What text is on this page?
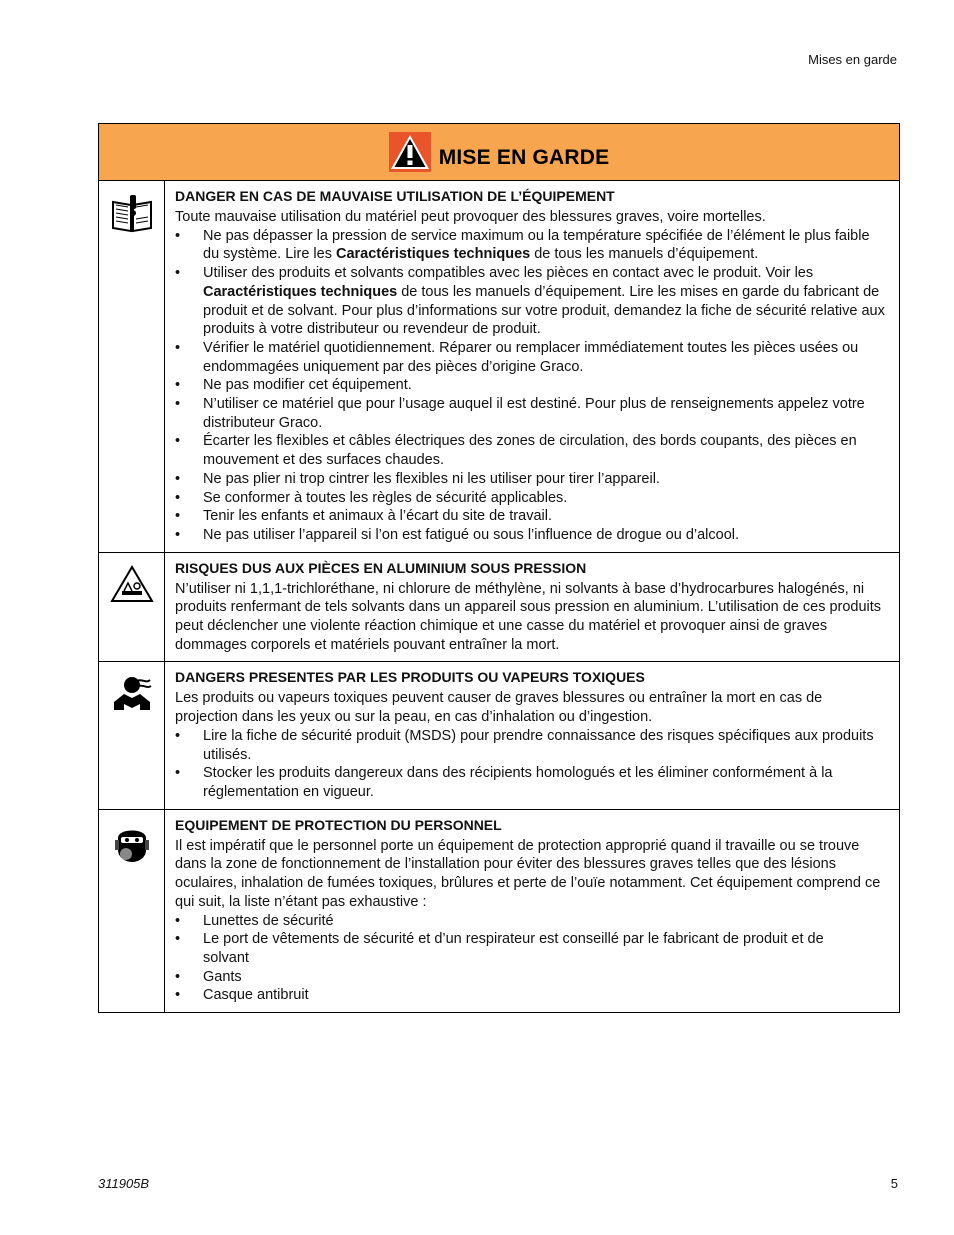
Mises en garde
MISE EN GARDE
DANGER EN CAS DE MAUVAISE UTILISATION DE L’ÉQUIPEMENT
Toute mauvaise utilisation du matériel peut provoquer des blessures graves, voire mortelles.
• Ne pas dépasser la pression de service maximum ou la température spécifiée de l’élément le plus faible du système. Lire les Caractéristiques techniques de tous les manuels d’équipement.
• Utiliser des produits et solvants compatibles avec les pièces en contact avec le produit. Voir les Caractéristiques techniques de tous les manuels d’équipement. Lire les mises en garde du fabricant de produit et de solvant. Pour plus d’informations sur votre produit, demandez la fiche de sécurité relative aux produits à votre distributeur ou revendeur de produit.
• Vérifier le matériel quotidiennement. Réparer ou remplacer immédiatement toutes les pièces usées ou endommagées uniquement par des pièces d’origine Graco.
• Ne pas modifier cet équipement.
• N’utiliser ce matériel que pour l’usage auquel il est destiné. Pour plus de renseignements appelez votre distributeur Graco.
• Écarter les flexibles et câbles électriques des zones de circulation, des bords coupants, des pièces en mouvement et des surfaces chaudes.
• Ne pas plier ni trop cintrer les flexibles ni les utiliser pour tirer l’appareil.
• Se conformer à toutes les règles de sécurité applicables.
• Tenir les enfants et animaux à l’écart du site de travail.
• Ne pas utiliser l’appareil si l’on est fatigué ou sous l’influence de drogue ou d’alcool.
RISQUES DUS AUX PIÈCES EN ALUMINIUM SOUS PRESSION
N’utiliser ni 1,1,1-trichloréthane, ni chlorure de méthylène, ni solvants à base d’hydrocarbures halogénés, ni produits renfermant de tels solvants dans un appareil sous pression en aluminium. L’utilisation de ces produits peut déclencher une violente réaction chimique et une casse du matériel et provoquer ainsi de graves dommages corporels et matériels pouvant entraîner la mort.
DANGERS PRESENTES PAR LES PRODUITS OU VAPEURS TOXIQUES
Les produits ou vapeurs toxiques peuvent causer de graves blessures ou entraîner la mort en cas de projection dans les yeux ou sur la peau, en cas d’inhalation ou d’ingestion.
• Lire la fiche de sécurité produit (MSDS) pour prendre connaissance des risques spécifiques aux produits utilisés.
• Stocker les produits dangereux dans des récipients homologués et les éliminer conformément à la réglementation en vigueur.
EQUIPEMENT DE PROTECTION DU PERSONNEL
Il est impératif que le personnel porte un équipement de protection approprié quand il travaille ou se trouve dans la zone de fonctionnement de l’installation pour éviter des blessures graves telles que des lésions oculaires, inhalation de fumées toxiques, brûlures et perte de l’ouïe notamment. Cet équipement comprend ce qui suit, la liste n’étant pas exhaustive :
• Lunettes de sécurité
• Le port de vêtements de sécurité et d’un respirateur est conseillé par le fabricant de produit et de solvant
• Gants
• Casque antibruit
311905B	5
